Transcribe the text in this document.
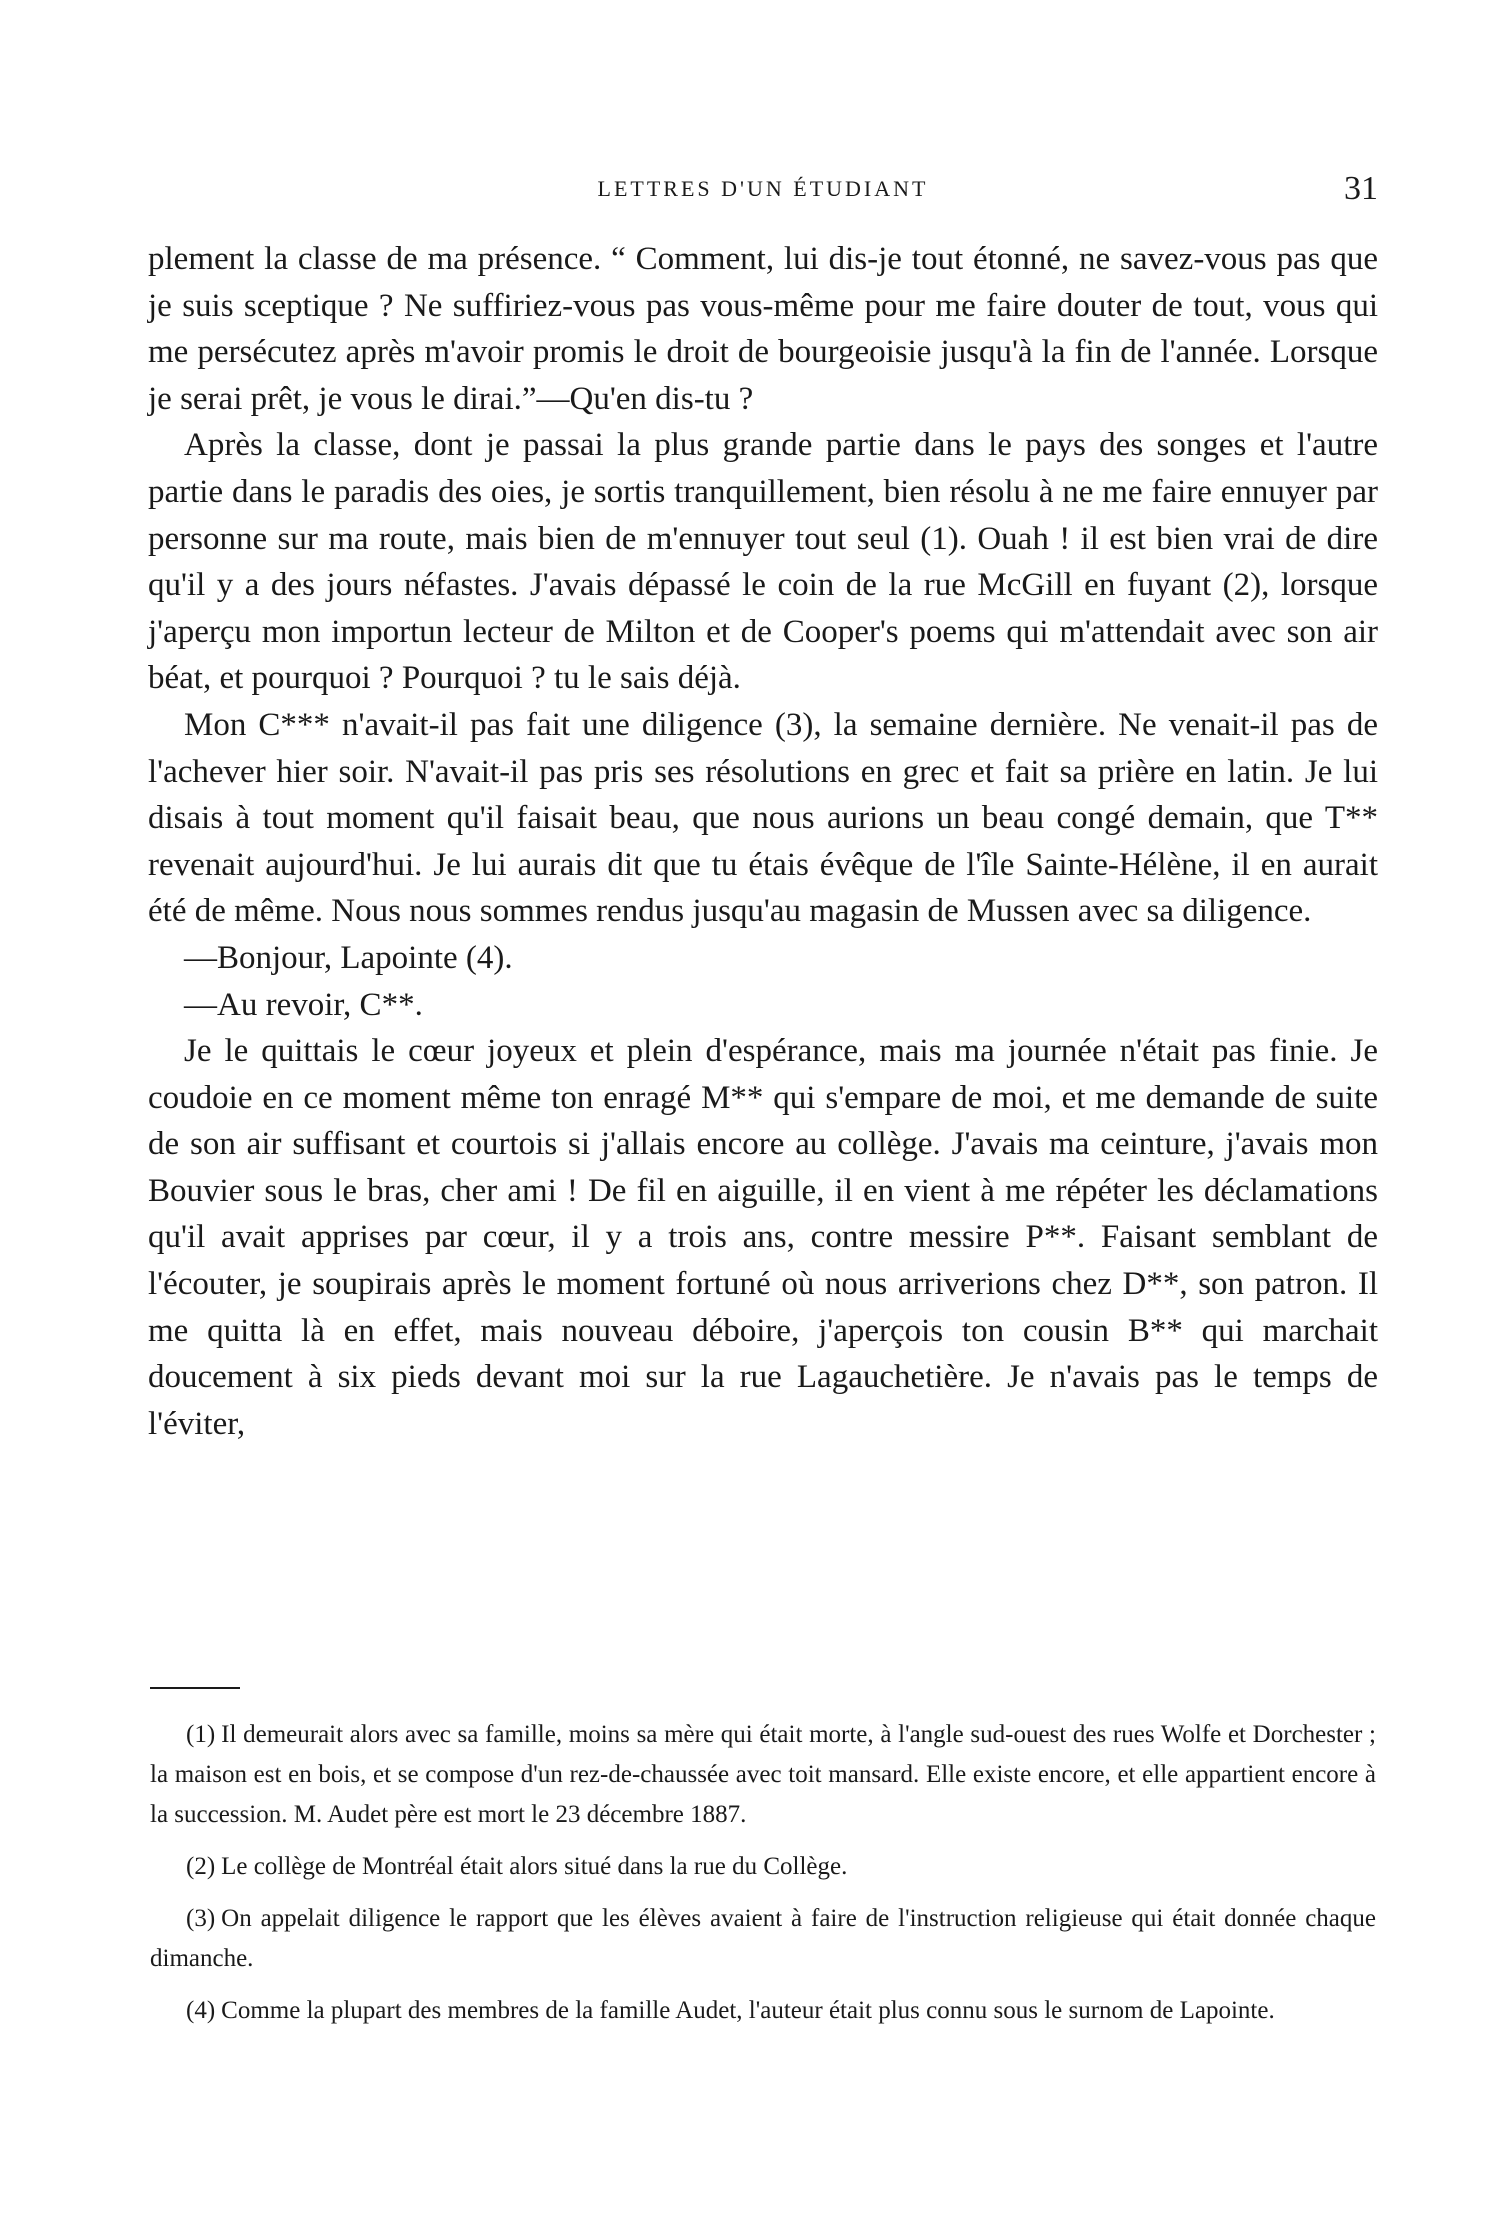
LETTRES D'UN ÉTUDIANT	31

plement la classe de ma présence. “ Comment, lui dis-je tout étonné, ne savez-vous pas que je suis sceptique ? Ne suffiriez-vous pas vous-même pour me faire douter de tout, vous qui me persécutez après m'avoir promis le droit de bourgeoisie jusqu'à la fin de l'année. Lorsque je serai prêt, je vous le dirai.”—Qu'en dis-tu ?

Après la classe, dont je passai la plus grande partie dans le pays des songes et l'autre partie dans le paradis des oies, je sortis tranquillement, bien résolu à ne me faire ennuyer par personne sur ma route, mais bien de m'ennuyer tout seul (1). Ouah ! il est bien vrai de dire qu'il y a des jours néfastes. J'avais dépassé le coin de la rue McGill en fuyant (2), lorsque j'aperçu mon importun lecteur de Milton et de Cooper's poems qui m'attendait avec son air béat, et pourquoi ? Pourquoi ? tu le sais déjà.

Mon C*** n'avait-il pas fait une diligence (3), la semaine dernière. Ne venait-il pas de l'achever hier soir. N'avait-il pas pris ses résolutions en grec et fait sa prière en latin. Je lui disais à tout moment qu'il faisait beau, que nous aurions un beau congé demain, que T** revenait aujourd'hui. Je lui aurais dit que tu étais évêque de l'île Sainte-Hélène, il en aurait été de même. Nous nous sommes rendus jusqu'au magasin de Mussen avec sa diligence.

—Bonjour, Lapointe (4).

—Au revoir, C**.

Je le quittais le cœur joyeux et plein d'espérance, mais ma journée n'était pas finie. Je coudoie en ce moment même ton enragé M** qui s'empare de moi, et me demande de suite de son air suffisant et courtois si j'allais encore au collège. J'avais ma ceinture, j'avais mon Bouvier sous le bras, cher ami ! De fil en aiguille, il en vient à me répéter les déclamations qu'il avait apprises par cœur, il y a trois ans, contre messire P**. Faisant semblant de l'écouter, je soupirais après le moment fortuné où nous arriverions chez D**, son patron. Il me quitta là en effet, mais nouveau déboire, j'aperçois ton cousin B** qui marchait doucement à six pieds devant moi sur la rue Lagauchetière. Je n'avais pas le temps de l'éviter,

(1) Il demeurait alors avec sa famille, moins sa mère qui était morte, à l'angle sud-ouest des rues Wolfe et Dorchester ; la maison est en bois, et se compose d'un rez-de-chaussée avec toit mansard. Elle existe encore, et elle appartient encore à la succession. M. Audet père est mort le 23 décembre 1887.

(2) Le collège de Montréal était alors situé dans la rue du Collège.

(3) On appelait diligence le rapport que les élèves avaient à faire de l'instruction religieuse qui était donnée chaque dimanche.

(4) Comme la plupart des membres de la famille Audet, l'auteur était plus connu sous le surnom de Lapointe.
